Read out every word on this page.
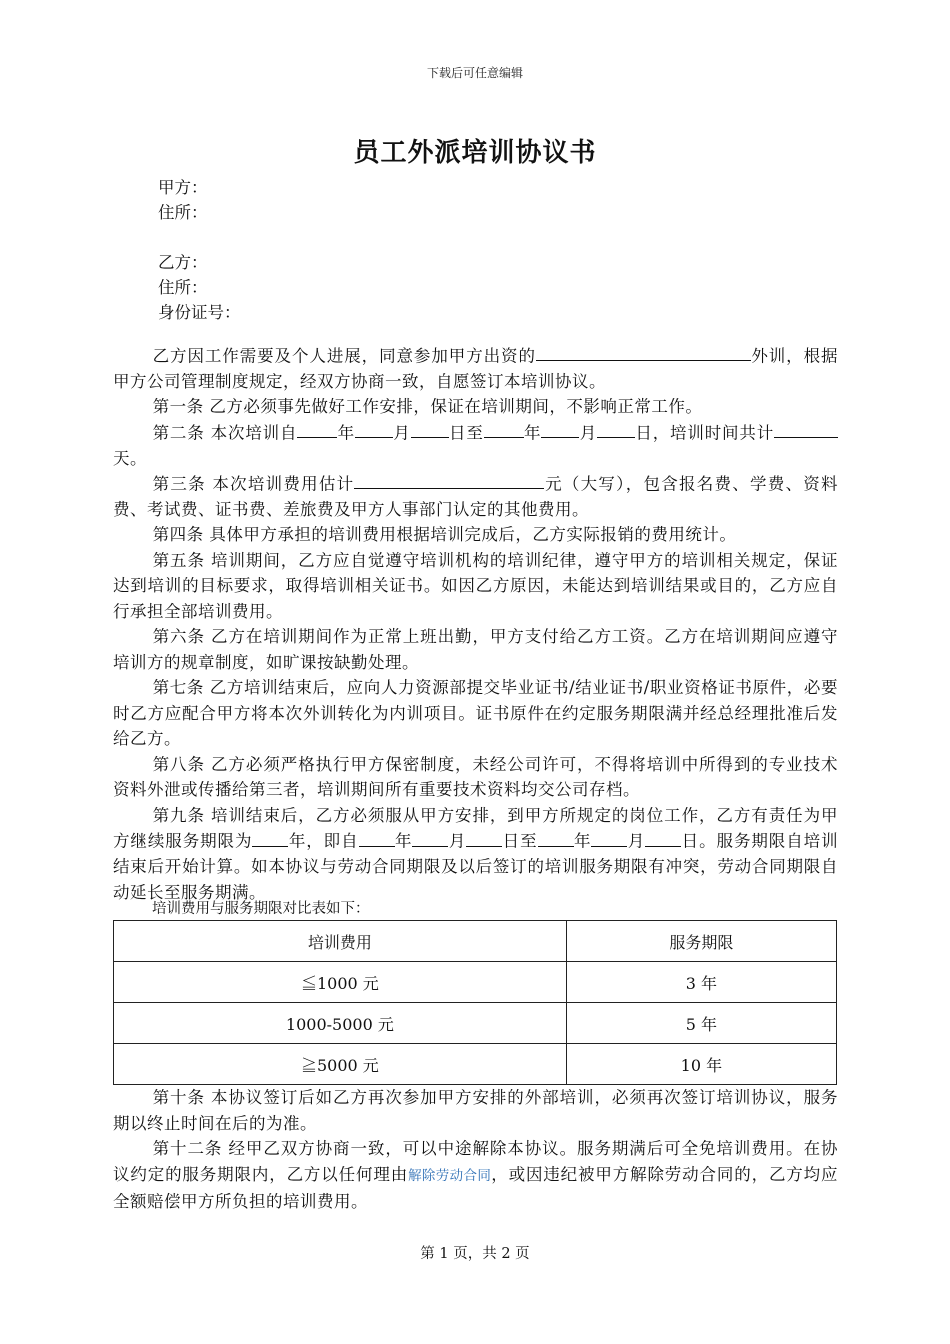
下载后可任意编辑
员工外派培训协议书
甲方：
住所：
乙方：
住所：
身份证号：

乙方因工作需要及个人进展，同意参加甲方出资的	外训，根据甲方公司管理制度规定，经双方协商一致，自愿签订本培训协议。

第一条 乙方必须事先做好工作安排，保证在培训期间，不影响正常工作。

第二条 本次培训自 年 月 日至 年 月 日，培训时间共计天。

第三条 本次培训费用估计	元（大写），包含报名费、学费、资料费、考试费、证书费、差旅费及甲方人事部门认定的其他费用。

第四条 具体甲方承担的培训费用根据培训完成后，乙方实际报销的费用统计。

第五条 培训期间，乙方应自觉遵守培训机构的培训纪律，遵守甲方的培训相关规定，保证达到培训的目标要求，取得培训相关证书。如因乙方原因，未能达到培训结果或目的，乙方应自行承担全部培训费用。

第六条 乙方在培训期间作为正常上班出勤，甲方支付给乙方工资。乙方在培训期间应遵守培训方的规章制度，如旷课按缺勤处理。

第七条 乙方培训结束后，应向人力资源部提交毕业证书/结业证书/职业资格证书原件，必要时乙方应配合甲方将本次外训转化为内训项目。证书原件在约定服务期限满并经总经理批准后发给乙方。

第八条 乙方必须严格执行甲方保密制度，未经公司许可，不得将培训中所得到的专业技术资料外泄或传播给第三者，培训期间所有重要技术资料均交公司存档。

第九条 培训结束后，乙方必须服从甲方安排，到甲方所规定的岗位工作，乙方有责任为甲方继续服务期限为 年，即自 年 月 日至 年 月 日。服务期限自培训结束后开始计算。如本协议与劳动合同期限及以后签订的培训服务期限有冲突，劳动合同期限自动延长至服务期满。

培训费用与服务期限对比表如下：
培训费用	服务期限
≦1000 元	3 年
1000-5000 元	5 年
≧5000 元	10 年

第十条 本协议签订后如乙方再次参加甲方安排的外部培训，必须再次签订培训协议，服务期以终止时间在后的为准。

第十二条 经甲乙双方协商一致，可以中途解除本协议。服务期满后可全免培训费用。在协议约定的服务期限内，乙方以任何理由解除劳动合同，或因违纪被甲方解除劳动合同的，乙方均应全额赔偿甲方所负担的培训费用。

第 1 页，共 2 页
